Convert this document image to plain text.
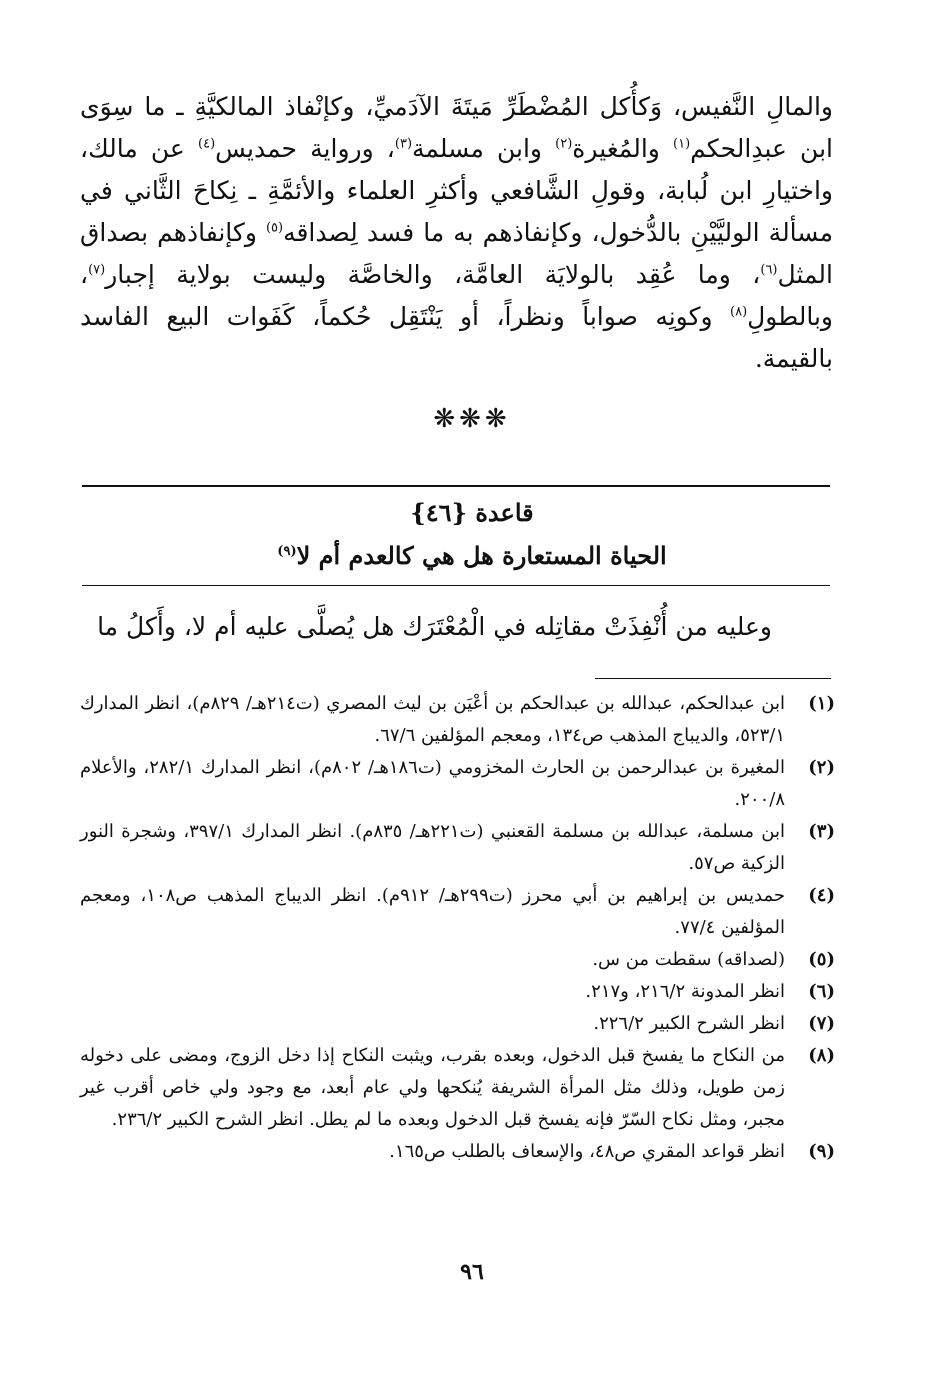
والمالِ النَّفيس، وَكأُكل المُضْطَرِّ مَيتَةَ الآدَميِّ، وكإنْفاذ المالكيَّةِ ـ ما سِوَى ابن عبدِالحكم$^{(١)}$ والمُغيرة$^{(٢)}$ وابن مسلمة$^{(٣)}$، ورواية حمديس$^{(٤)}$ عن مالك، واختيارِ ابن لُبابة، وقولِ الشَّافعي وأكثرِ العلماء والأئمَّةِ ـ نِكاحَ الثَّاني في مسألة الوليَّيْنِ بالدُّخول، وكإنفاذهم به ما فسد لِصداقه$^{(٥)}$ وكإنفاذهم بصداق المثل$^{(٦)}$، وما عُقِد بالولايَة العامَّة، والخاصَّة وليست بولاية إجبار$^{(٧)}$، وبالطولِ$^{(٨)}$ وكونِه صواباً ونظراً، أو يَنْتَقِل حُكماً، كَفَوات البيع الفاسد بالقيمة.
❋❋❋
قاعدة {٤٦}
الحياة المستعارة هل هي كالعدم أم لا$^{(٩)}$
وعليه من أُنْفِذَتْ مقاتِله في الْمُعْتَرَك هل يُصلَّى عليه أم لا، وأَكلُ ما
(١)
ابن عبدالحكم، عبدالله بن عبدالحكم بن أعْيَن بن ليث المصري (ت٢١٤هـ/ ٨٢٩م)، انظر المدارك ٥٢٣/١، والديباج المذهب ص١٣٤، ومعجم المؤلفين ٦٧/٦.
(٢)
المغيرة بن عبدالرحمن بن الحارث المخزومي (ت١٨٦هـ/ ٨٠٢م)، انظر المدارك ٢٨٢/١، والأعلام ٢٠٠/٨.
(٣)
ابن مسلمة، عبدالله بن مسلمة القعنبي (ت٢٢١هـ/ ٨٣٥م). انظر المدارك ٣٩٧/١، وشجرة النور الزكية ص٥٧.
(٤)
حمديس بن إبراهيم بن أبي محرز (ت٢٩٩هـ/ ٩١٢م). انظر الديباج المذهب ص١٠٨، ومعجم المؤلفين ٧٧/٤.
(٥)
(لصداقه) سقطت من س.
(٦)
انظر المدونة ٢١٦/٢، و٢١٧.
(٧)
انظر الشرح الكبير ٢٢٦/٢.
(٨)
من النكاح ما يفسخ قبل الدخول، وبعده بقرب، ويثبت النكاح إذا دخل الزوج، ومضى على دخوله زمن طويل، وذلك مثل المرأة الشريفة يُنكحها ولي عام أبعد، مع وجود ولي خاص أقرب غير مجبر، ومثل نكاح السّرّ فإنه يفسخ قبل الدخول وبعده ما لم يطل. انظر الشرح الكبير ٢٣٦/٢.
(٩)
انظر قواعد المقري ص٤٨، والإسعاف بالطلب ص١٦٥.
٩٦
